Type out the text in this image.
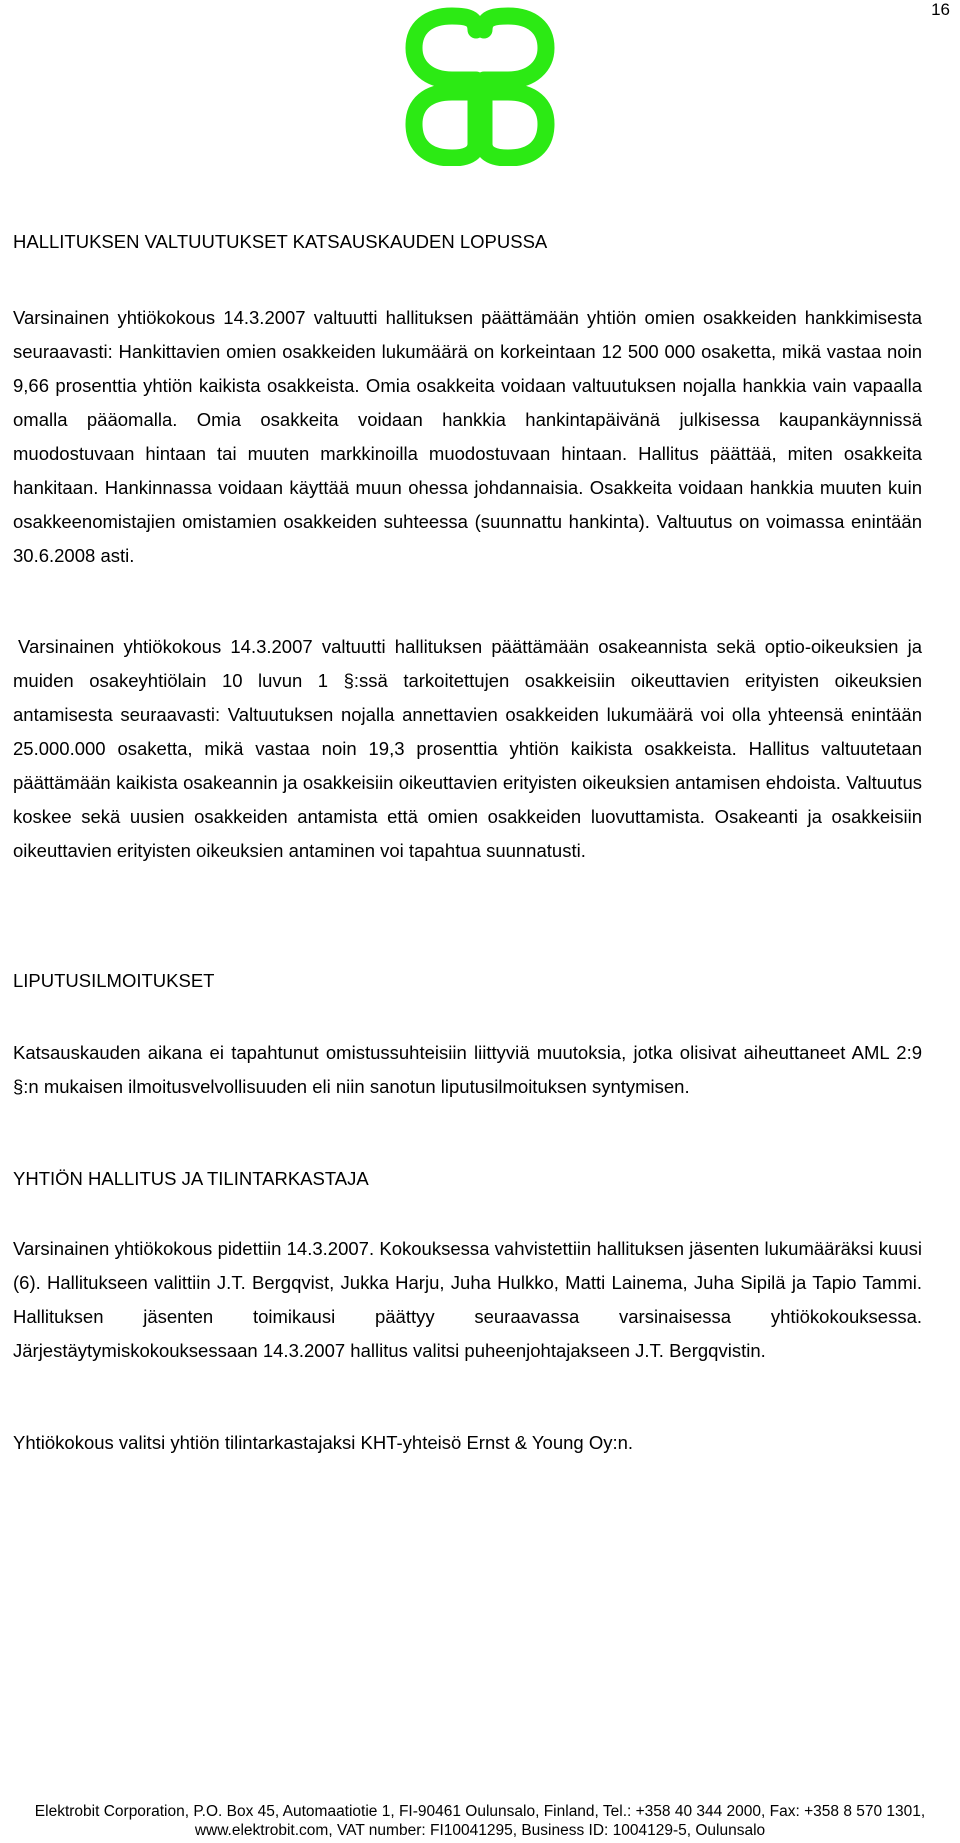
16
HALLITUKSEN VALTUUTUKSET KATSAUSKAUDEN LOPUSSA

Varsinainen yhtiökokous 14.3.2007 valtuutti hallituksen päättämään yhtiön omien osakkeiden hankkimisesta seuraavasti: Hankittavien omien osakkeiden lukumäärä on korkeintaan 12 500 000 osaketta, mikä vastaa noin 9,66 prosenttia yhtiön kaikista osakkeista. Omia osakkeita voidaan valtuutuksen nojalla hankkia vain vapaalla omalla pääomalla. Omia osakkeita voidaan hankkia hankintapäivänä julkisessa kaupankäynnissä muodostuvaan hintaan tai muuten markkinoilla muodostuvaan hintaan. Hallitus päättää, miten osakkeita hankitaan. Hankinnassa voidaan käyttää muun ohessa johdannaisia. Osakkeita voidaan hankkia muuten kuin osakkeenomistajien omistamien osakkeiden suhteessa (suunnattu hankinta). Valtuutus on voimassa enintään 30.6.2008 asti.

Varsinainen yhtiökokous 14.3.2007 valtuutti hallituksen päättämään osakeannista sekä optio-oikeuksien ja muiden osakeyhtiölain 10 luvun 1 §:ssä tarkoitettujen osakkeisiin oikeuttavien erityisten oikeuksien antamisesta seuraavasti: Valtuutuksen nojalla annettavien osakkeiden lukumäärä voi olla yhteensä enintään 25.000.000 osaketta, mikä vastaa noin 19,3 prosenttia yhtiön kaikista osakkeista. Hallitus valtuutetaan päättämään kaikista osakeannin ja osakkeisiin oikeuttavien erityisten oikeuksien antamisen ehdoista. Valtuutus koskee sekä uusien osakkeiden antamista että omien osakkeiden luovuttamista. Osakeanti ja osakkeisiin oikeuttavien erityisten oikeuksien antaminen voi tapahtua suunnatusti.

LIPUTUSILMOITUKSET

Katsauskauden aikana ei tapahtunut omistussuhteisiin liittyviä muutoksia, jotka olisivat aiheuttaneet AML 2:9 §:n mukaisen ilmoitusvelvollisuuden eli niin sanotun liputusilmoituksen syntymisen.

YHTIÖN HALLITUS JA TILINTARKASTAJA

Varsinainen yhtiökokous pidettiin 14.3.2007. Kokouksessa vahvistettiin hallituksen jäsenten lukumääräksi kuusi (6). Hallitukseen valittiin J.T. Bergqvist, Jukka Harju, Juha Hulkko, Matti Lainema, Juha Sipilä ja Tapio Tammi. Hallituksen jäsenten toimikausi päättyy seuraavassa varsinaisessa yhtiökokouksessa. Järjestäytymiskokouksessaan 14.3.2007 hallitus valitsi puheenjohtajakseen J.T. Bergqvistin.

Yhtiökokous valitsi yhtiön tilintarkastajaksi KHT-yhteisö Ernst & Young Oy:n.

Elektrobit Corporation, P.O. Box 45, Automaatiotie 1, FI-90461 Oulunsalo, Finland, Tel.: +358 40 344 2000, Fax: +358 8 570 1301,
www.elektrobit.com, VAT number: FI10041295, Business ID: 1004129-5, Oulunsalo
